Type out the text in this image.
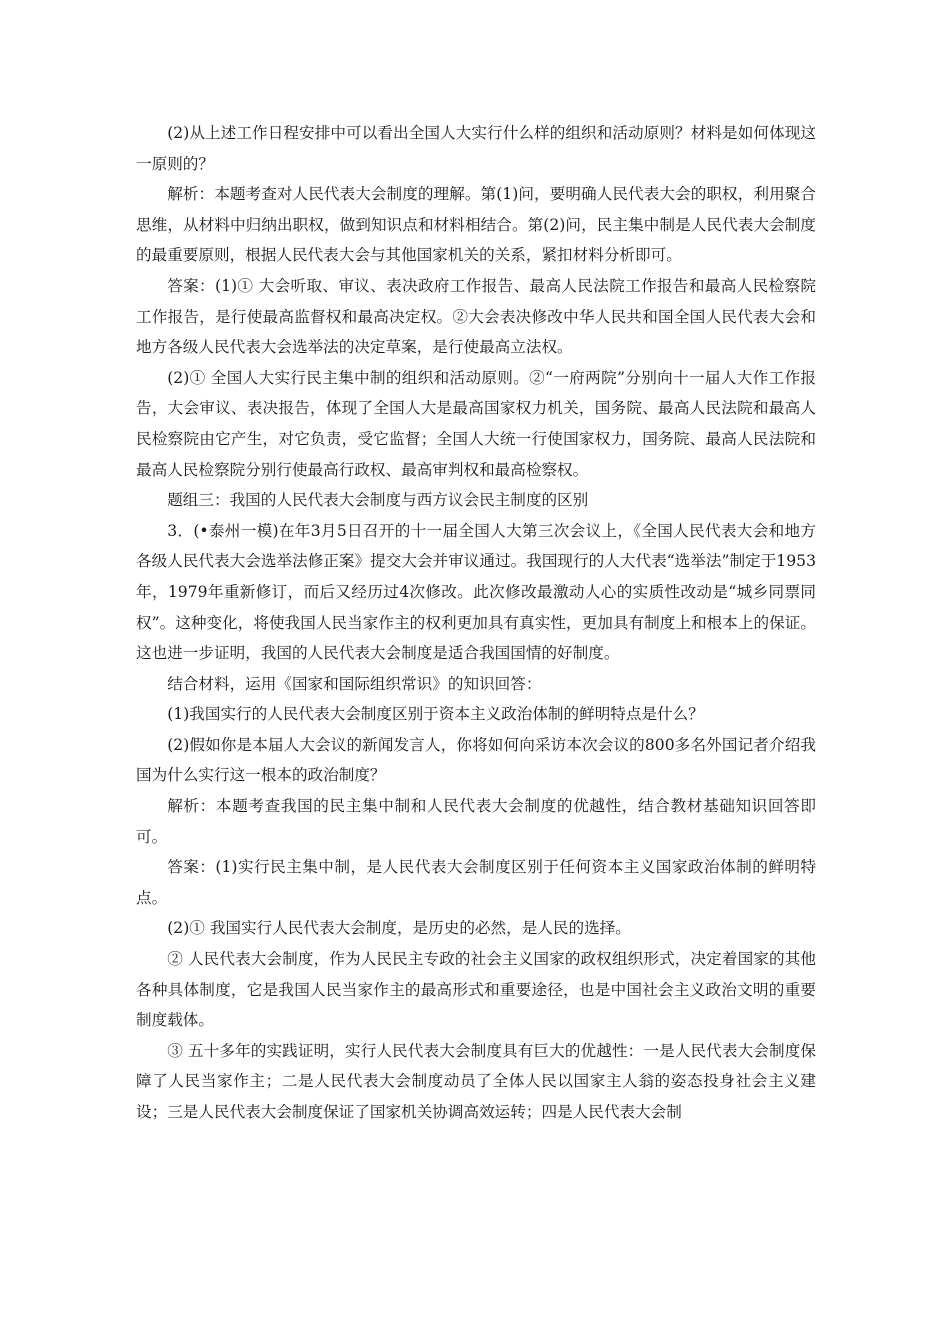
(2)从上述工作日程安排中可以看出全国人大实行什么样的组织和活动原则？材料是如何体现这一原则的？

解析：本题考查对人民代表大会制度的理解。第(1)问，要明确人民代表大会的职权，利用聚合思维，从材料中归纳出职权，做到知识点和材料相结合。第(2)问，民主集中制是人民代表大会制度的最重要原则，根据人民代表大会与其他国家机关的关系，紧扣材料分析即可。

答案：(1)① 大会听取、审议、表决政府工作报告、最高人民法院工作报告和最高人民检察院工作报告，是行使最高监督权和最高决定权。②大会表决修改中华人民共和国全国人民代表大会和地方各级人民代表大会选举法的决定草案，是行使最高立法权。

(2)① 全国人大实行民主集中制的组织和活动原则。②“一府两院”分别向十一届人大作工作报告，大会审议、表决报告，体现了全国人大是最高国家权力机关，国务院、最高人民法院和最高人民检察院由它产生，对它负责，受它监督；全国人大统一行使国家权力，国务院、最高人民法院和最高人民检察院分别行使最高行政权、最高审判权和最高检察权。

题组三：我国的人民代表大会制度与西方议会民主制度的区别

3．(•泰州一模)在年3月5日召开的十一届全国人大第三次会议上，《全国人民代表大会和地方各级人民代表大会选举法修正案》提交大会并审议通过。我国现行的人大代表“选举法”制定于1953年，1979年重新修订，而后又经历过4次修改。此次修改最激动人心的实质性改动是“城乡同票同权”。这种变化，将使我国人民当家作主的权利更加具有真实性，更加具有制度上和根本上的保证。这也进一步证明，我国的人民代表大会制度是适合我国国情的好制度。

结合材料，运用《国家和国际组织常识》的知识回答：

(1)我国实行的人民代表大会制度区别于资本主义政治体制的鲜明特点是什么？

(2)假如你是本届人大会议的新闻发言人，你将如何向采访本次会议的800多名外国记者介绍我国为什么实行这一根本的政治制度？

解析：本题考查我国的民主集中制和人民代表大会制度的优越性，结合教材基础知识回答即可。

答案：(1)实行民主集中制，是人民代表大会制度区别于任何资本主义国家政治体制的鲜明特点。

(2)① 我国实行人民代表大会制度，是历史的必然，是人民的选择。

② 人民代表大会制度，作为人民民主专政的社会主义国家的政权组织形式，决定着国家的其他各种具体制度，它是我国人民当家作主的最高形式和重要途径，也是中国社会主义政治文明的重要制度载体。

③ 五十多年的实践证明，实行人民代表大会制度具有巨大的优越性：一是人民代表大会制度保障了人民当家作主；二是人民代表大会制度动员了全体人民以国家主人翁的姿态投身社会主义建设；三是人民代表大会制度保证了国家机关协调高效运转；四是人民代表大会制
